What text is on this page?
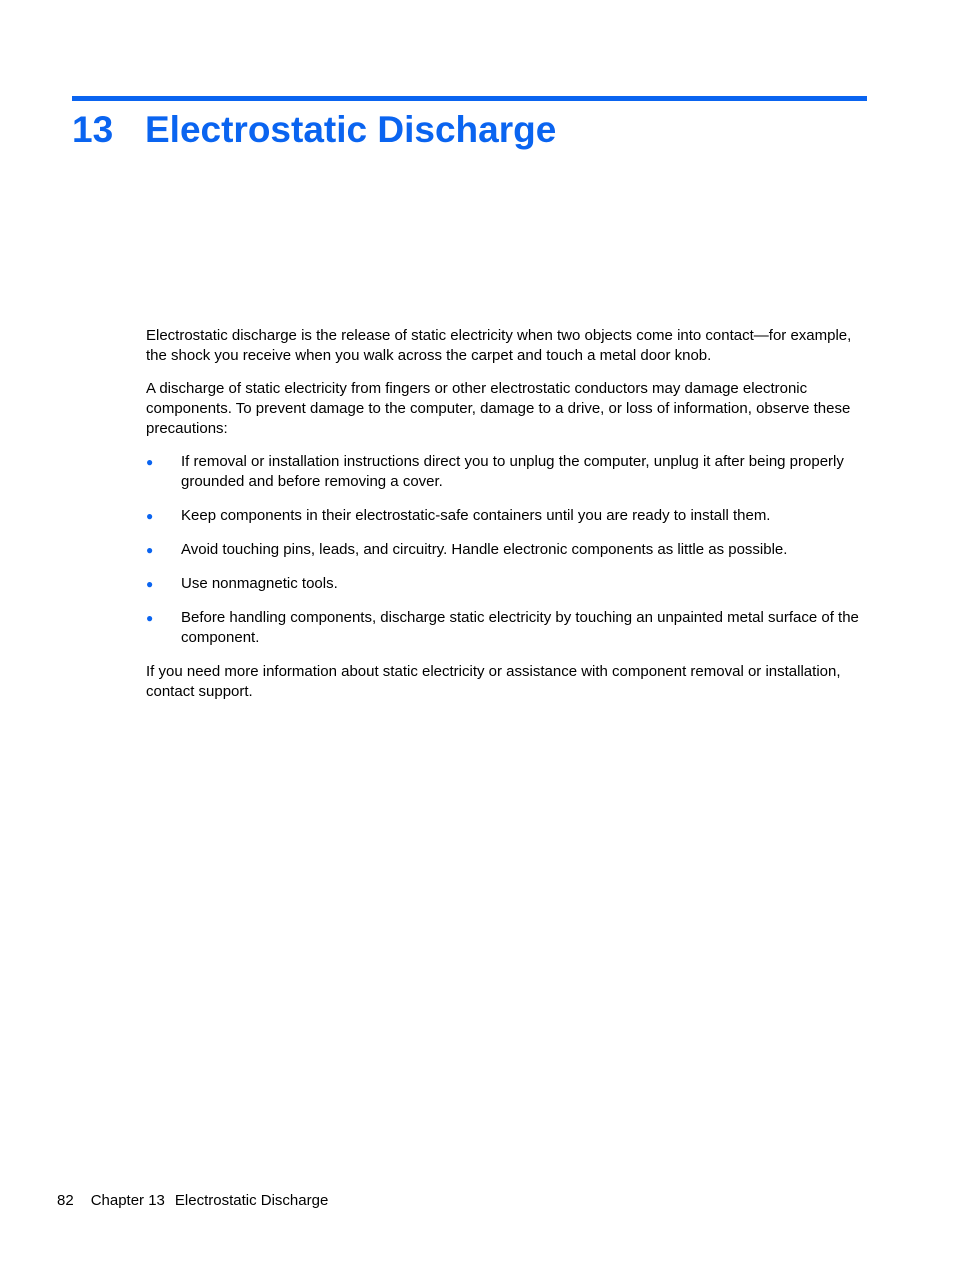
13 Electrostatic Discharge

Electrostatic discharge is the release of static electricity when two objects come into contact—for example, the shock you receive when you walk across the carpet and touch a metal door knob.

A discharge of static electricity from fingers or other electrostatic conductors may damage electronic components. To prevent damage to the computer, damage to a drive, or loss of information, observe these precautions:

● If removal or installation instructions direct you to unplug the computer, unplug it after being properly grounded and before removing a cover.
● Keep components in their electrostatic-safe containers until you are ready to install them.
● Avoid touching pins, leads, and circuitry. Handle electronic components as little as possible.
● Use nonmagnetic tools.
● Before handling components, discharge static electricity by touching an unpainted metal surface of the component.

If you need more information about static electricity or assistance with component removal or installation, contact support.

82 Chapter 13 Electrostatic Discharge
